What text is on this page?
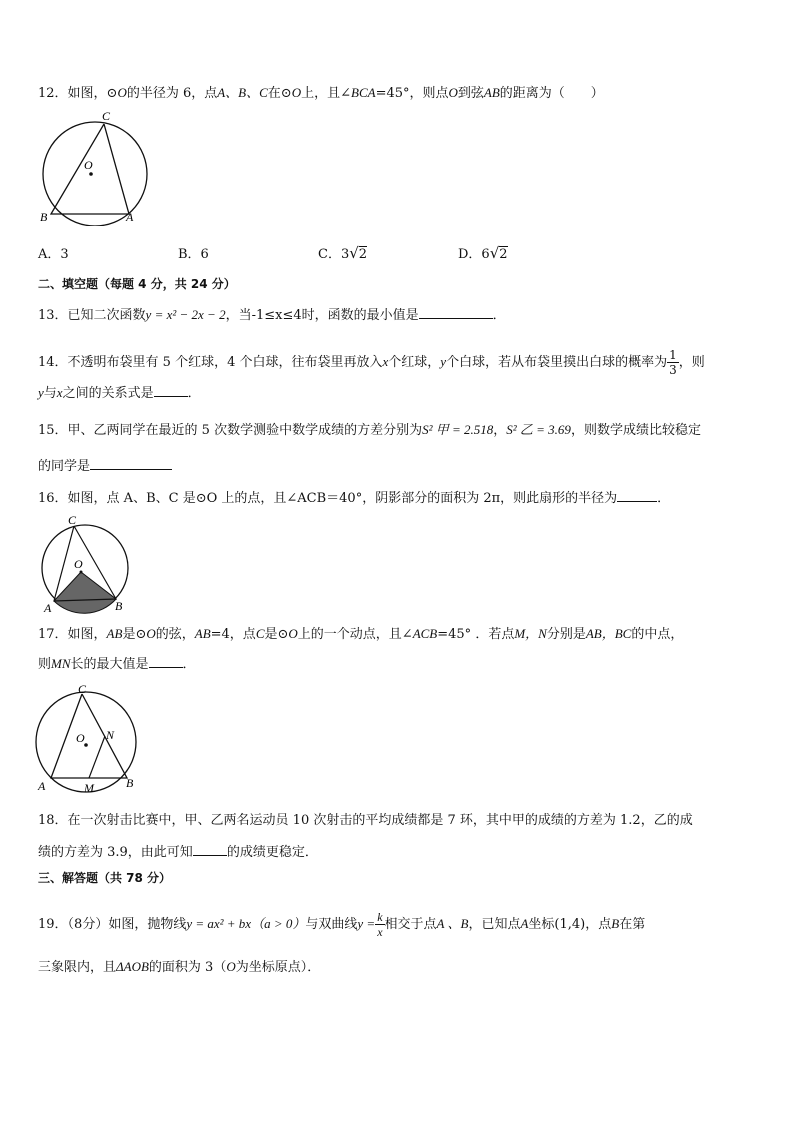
12．如图，⊙O的半径为 6，点A、B、C在⊙O上，且∠BCA=45°，则点O到弦AB的距离为（　　）
C
O
B	A
A．3	B．6	C．3√2	D．6√2
二、填空题（每题 4 分，共 24 分）
13．已知二次函数y = x² − 2x − 2，当-1≤x≤4时，函数的最小值是	．
14．不透明布袋里有 5 个红球，4 个白球，往布袋里再放入x个红球，y个白球，若从布袋里摸出白球的概率为 $\frac{1}{3}$ ，则
y与x之间的关系式是	．
15．甲、乙两同学在最近的 5 次数学测验中数学成绩的方差分别为S² 甲 = 2.518，S² 乙 = 3.69，则数学成绩比较稳定
的同学是
16．如图，点 A、B、C 是⊙O 上的点，且∠ACB＝40°，阴影部分的面积为 2π，则此扇形的半径为	．
C
O
A	B
17．如图，AB是⊙O的弦，AB=4，点C是⊙O上的一个动点，且∠ACB=45° ．若点M，N分别是AB，BC的中点，
则MN长的最大值是	．
C
O N
A	M	B
18．在一次射击比赛中，甲、乙两名运动员 10 次射击的平均成绩都是 7 环，其中甲的成绩的方差为 1.2，乙的成
绩的方差为 3.9，由此可知	的成绩更稳定．
三、解答题（共 78 分）
19．（8分）如图，抛物线y = ax² + bx（a > 0）与双曲线$y = \frac{k}{x}$ 相交于点A 、B，已知点A坐标(1,4)，点B在第
三象限内，且ΔAOB的面积为 3（O为坐标原点）．
